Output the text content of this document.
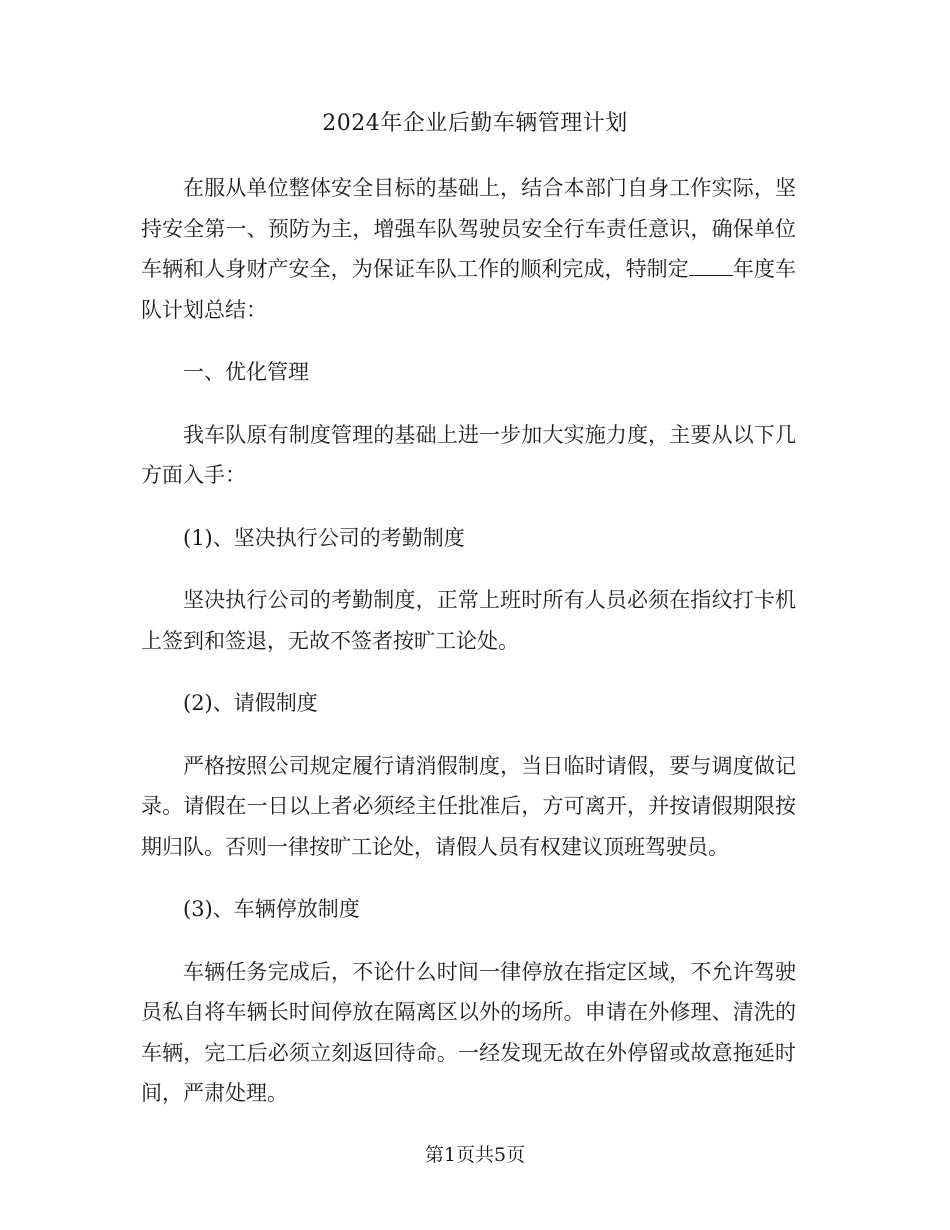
2024年企业后勤车辆管理计划

在服从单位整体安全目标的基础上，结合本部门自身工作实际，坚持安全第一、预防为主，增强车队驾驶员安全行车责任意识，确保单位车辆和人身财产安全，为保证车队工作的顺利完成，特制定 年度车队计划总结：

一、优化管理

我车队原有制度管理的基础上进一步加大实施力度，主要从以下几方面入手：

(1)、坚决执行公司的考勤制度

坚决执行公司的考勤制度，正常上班时所有人员必须在指纹打卡机上签到和签退，无故不签者按旷工论处。

(2)、请假制度

严格按照公司规定履行请消假制度，当日临时请假，要与调度做记录。请假在一日以上者必须经主任批准后，方可离开，并按请假期限按期归队。否则一律按旷工论处，请假人员有权建议顶班驾驶员。

(3)、车辆停放制度

车辆任务完成后，不论什么时间一律停放在指定区域，不允许驾驶员私自将车辆长时间停放在隔离区以外的场所。申请在外修理、清洗的车辆，完工后必须立刻返回待命。一经发现无故在外停留或故意拖延时间，严肃处理。

第1页共5页
